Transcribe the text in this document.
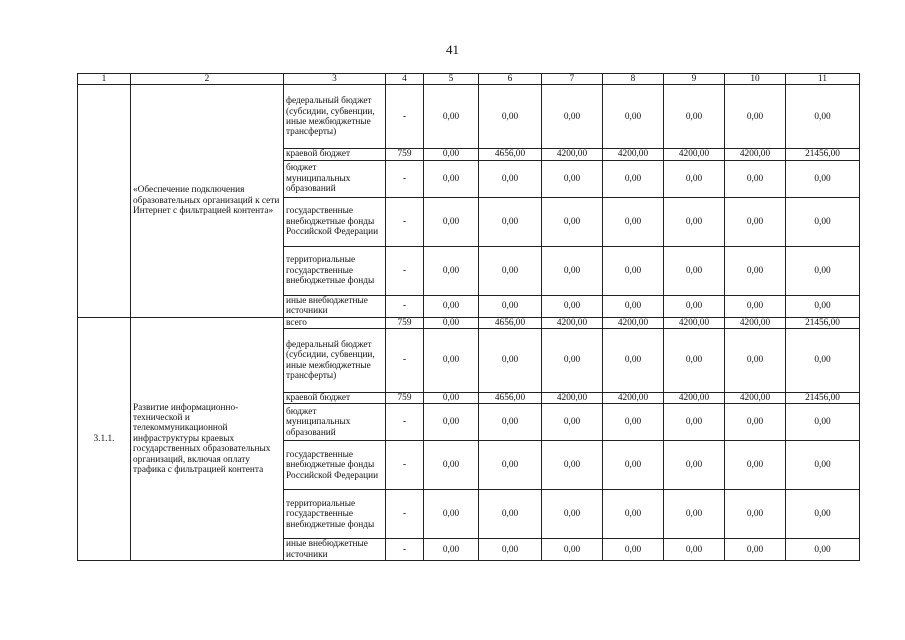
41
1	2	3	4	5	6	7	8	9	10	11
	«Обеспечение подключения образовательных организаций к сети Интернет с фильтрацией контента»	федеральный бюджет (субсидии, субвенции, иные межбюджетные трансферты)	-	0,00	0,00	0,00	0,00	0,00	0,00	0,00
		краевой бюджет	759	0,00	4656,00	4200,00	4200,00	4200,00	4200,00	21456,00
		бюджет муниципальных образований	-	0,00	0,00	0,00	0,00	0,00	0,00	0,00
		государственные внебюджетные фонды Российской Федерации	-	0,00	0,00	0,00	0,00	0,00	0,00	0,00
		территориальные государственные внебюджетные фонды	-	0,00	0,00	0,00	0,00	0,00	0,00	0,00
		иные внебюджетные источники	-	0,00	0,00	0,00	0,00	0,00	0,00	0,00
3.1.1.	Развитие информационно-технической и телекоммуникационной инфраструктуры краевых государственных образовательных организаций, включая оплату трафика с фильтрацией контента	всего	759	0,00	4656,00	4200,00	4200,00	4200,00	4200,00	21456,00
		федеральный бюджет (субсидии, субвенции, иные межбюджетные трансферты)	-	0,00	0,00	0,00	0,00	0,00	0,00	0,00
		краевой бюджет	759	0,00	4656,00	4200,00	4200,00	4200,00	4200,00	21456,00
		бюджет муниципальных образований	-	0,00	0,00	0,00	0,00	0,00	0,00	0,00
		государственные внебюджетные фонды Российской Федерации	-	0,00	0,00	0,00	0,00	0,00	0,00	0,00
		территориальные государственные внебюджетные фонды	-	0,00	0,00	0,00	0,00	0,00	0,00	0,00
		иные внебюджетные источники	-	0,00	0,00	0,00	0,00	0,00	0,00	0,00
